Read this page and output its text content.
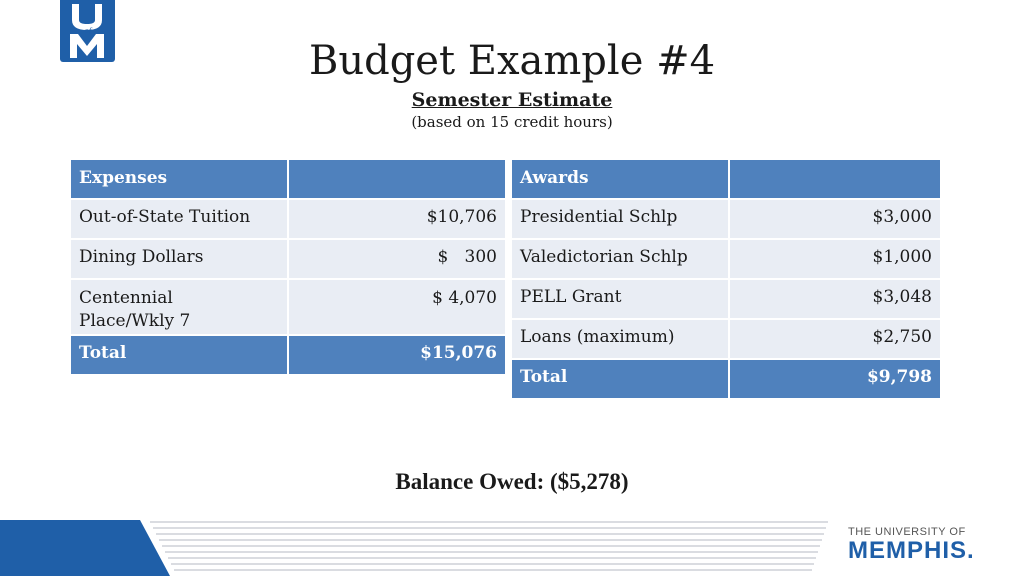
of
Budget Example #4
Semester Estimate
(based on 15 credit hours)
Expenses	
Out-of-State Tuition	$10,706
Dining Dollars	$   300
Centennial
Place/Wkly 7	$ 4,070
Total	$15,076
Awards	
Presidential Schlp	$3,000
Valedictorian Schlp	$1,000
PELL Grant	$3,048
Loans (maximum)	$2,750
Total	$9,798
Balance Owed: ($5,278)
THE UNIVERSITY OF
MEMPHIS.
